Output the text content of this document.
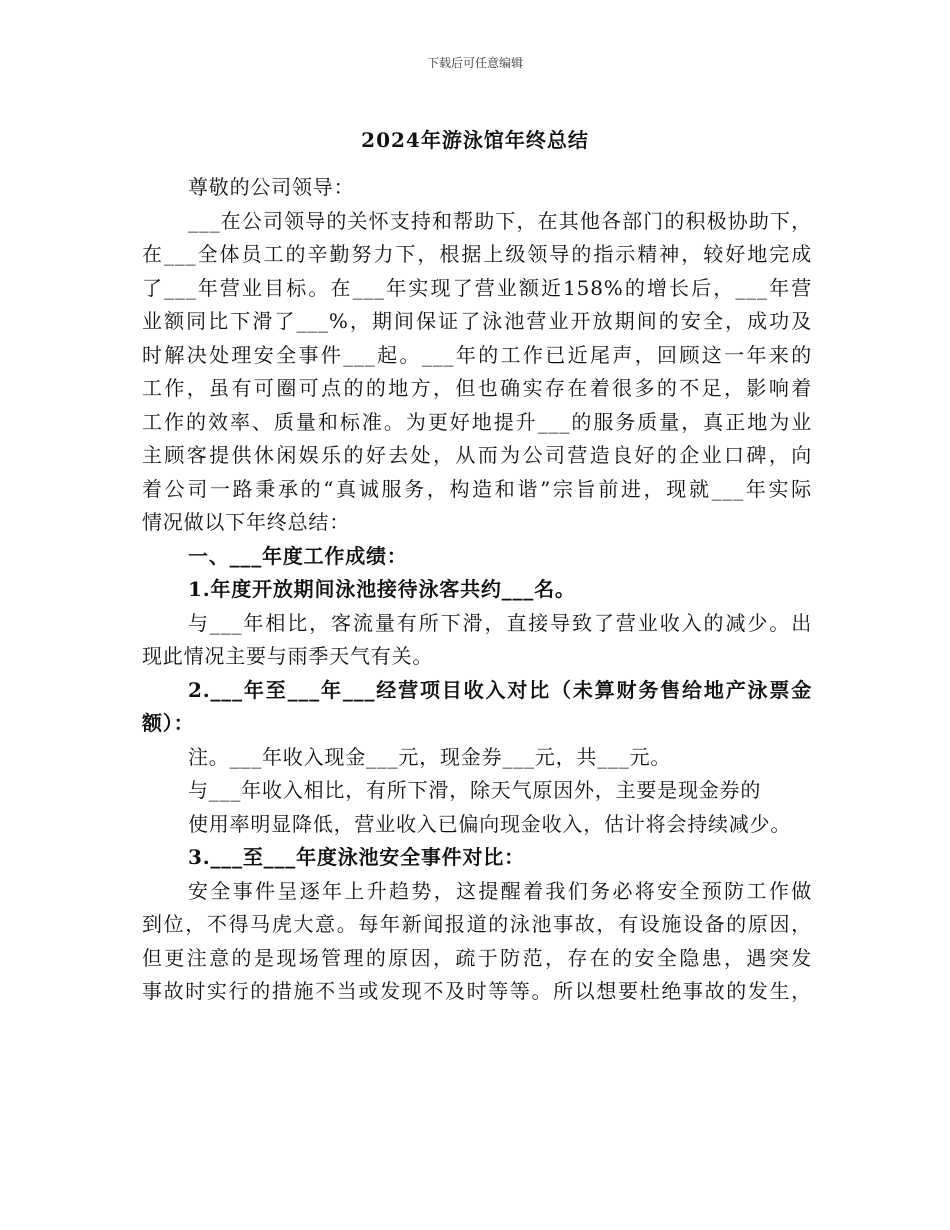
下载后可任意编辑
2024年游泳馆年终总结
尊敬的公司领导：
___在公司领导的关怀支持和帮助下，在其他各部门的积极协助下，
在___全体员工的辛勤努力下，根据上级领导的指示精神，较好地完成
了___年营业目标。在___年实现了营业额近158%的增长后，___年营
业额同比下滑了___%，期间保证了泳池营业开放期间的安全，成功及
时解决处理安全事件___起。___年的工作已近尾声，回顾这一年来的
工作，虽有可圈可点的的地方，但也确实存在着很多的不足，影响着
工作的效率、质量和标准。为更好地提升___的服务质量，真正地为业
主顾客提供休闲娱乐的好去处，从而为公司营造良好的企业口碑，向
着公司一路秉承的“真诚服务，构造和谐”宗旨前进，现就___年实际
情况做以下年终总结：
一、___年度工作成绩：
1.年度开放期间泳池接待泳客共约___名。
与___年相比，客流量有所下滑，直接导致了营业收入的减少。出
现此情况主要与雨季天气有关。
2.___年至___年___经营项目收入对比（未算财务售给地产泳票金
额）：
注。___年收入现金___元，现金券___元，共___元。
与___年收入相比，有所下滑，除天气原因外，主要是现金券的
使用率明显降低，营业收入已偏向现金收入，估计将会持续减少。
3.___至___年度泳池安全事件对比：
安全事件呈逐年上升趋势，这提醒着我们务必将安全预防工作做
到位，不得马虎大意。每年新闻报道的泳池事故，有设施设备的原因，
但更注意的是现场管理的原因，疏于防范，存在的安全隐患，遇突发
事故时实行的措施不当或发现不及时等等。所以想要杜绝事故的发生，
